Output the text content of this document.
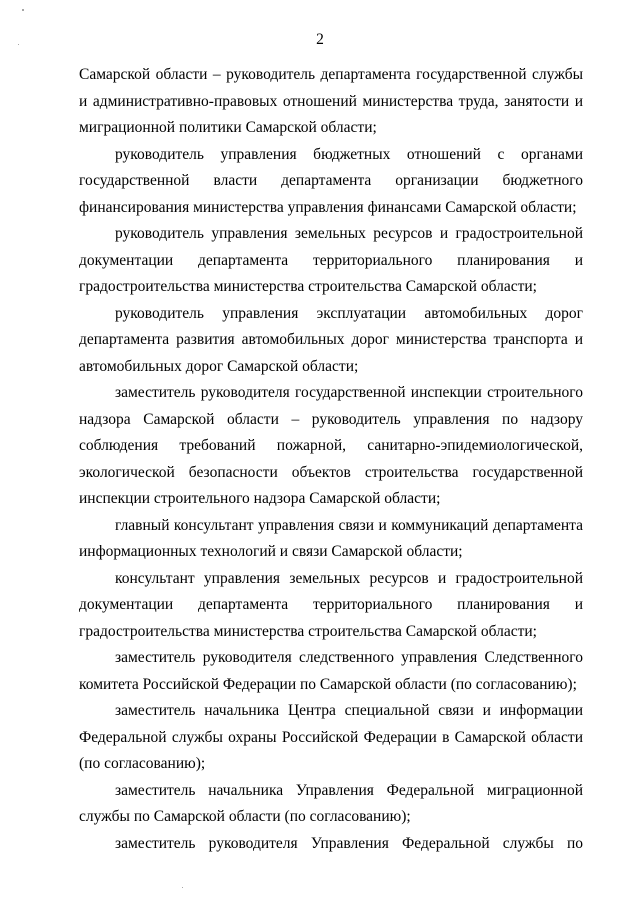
2

Самарской области – руководитель департамента государственной службы и административно-правовых отношений министерства труда, занятости и миграционной политики Самарской области;

руководитель управления бюджетных отношений с органами государственной власти департамента организации бюджетного финансирования министерства управления финансами Самарской области;

руководитель управления земельных ресурсов и градостроительной документации департамента территориального планирования и градостроительства министерства строительства Самарской области;

руководитель управления эксплуатации автомобильных дорог департамента развития автомобильных дорог министерства транспорта и автомобильных дорог Самарской области;

заместитель руководителя государственной инспекции строительного надзора Самарской области – руководитель управления по надзору соблюдения требований пожарной, санитарно-эпидемиологической, экологической безопасности объектов строительства государственной инспекции строительного надзора Самарской области;

главный консультант управления связи и коммуникаций департамента информационных технологий и связи Самарской области;

консультант управления земельных ресурсов и градостроительной документации департамента территориального планирования и градостроительства министерства строительства Самарской области;

заместитель руководителя следственного управления Следственного комитета Российской Федерации по Самарской области (по согласованию);

заместитель начальника Центра специальной связи и информации Федеральной службы охраны Российской Федерации в Самарской области (по согласованию);

заместитель начальника Управления Федеральной миграционной службы по Самарской области (по согласованию);

заместитель руководителя Управления Федеральной службы по
